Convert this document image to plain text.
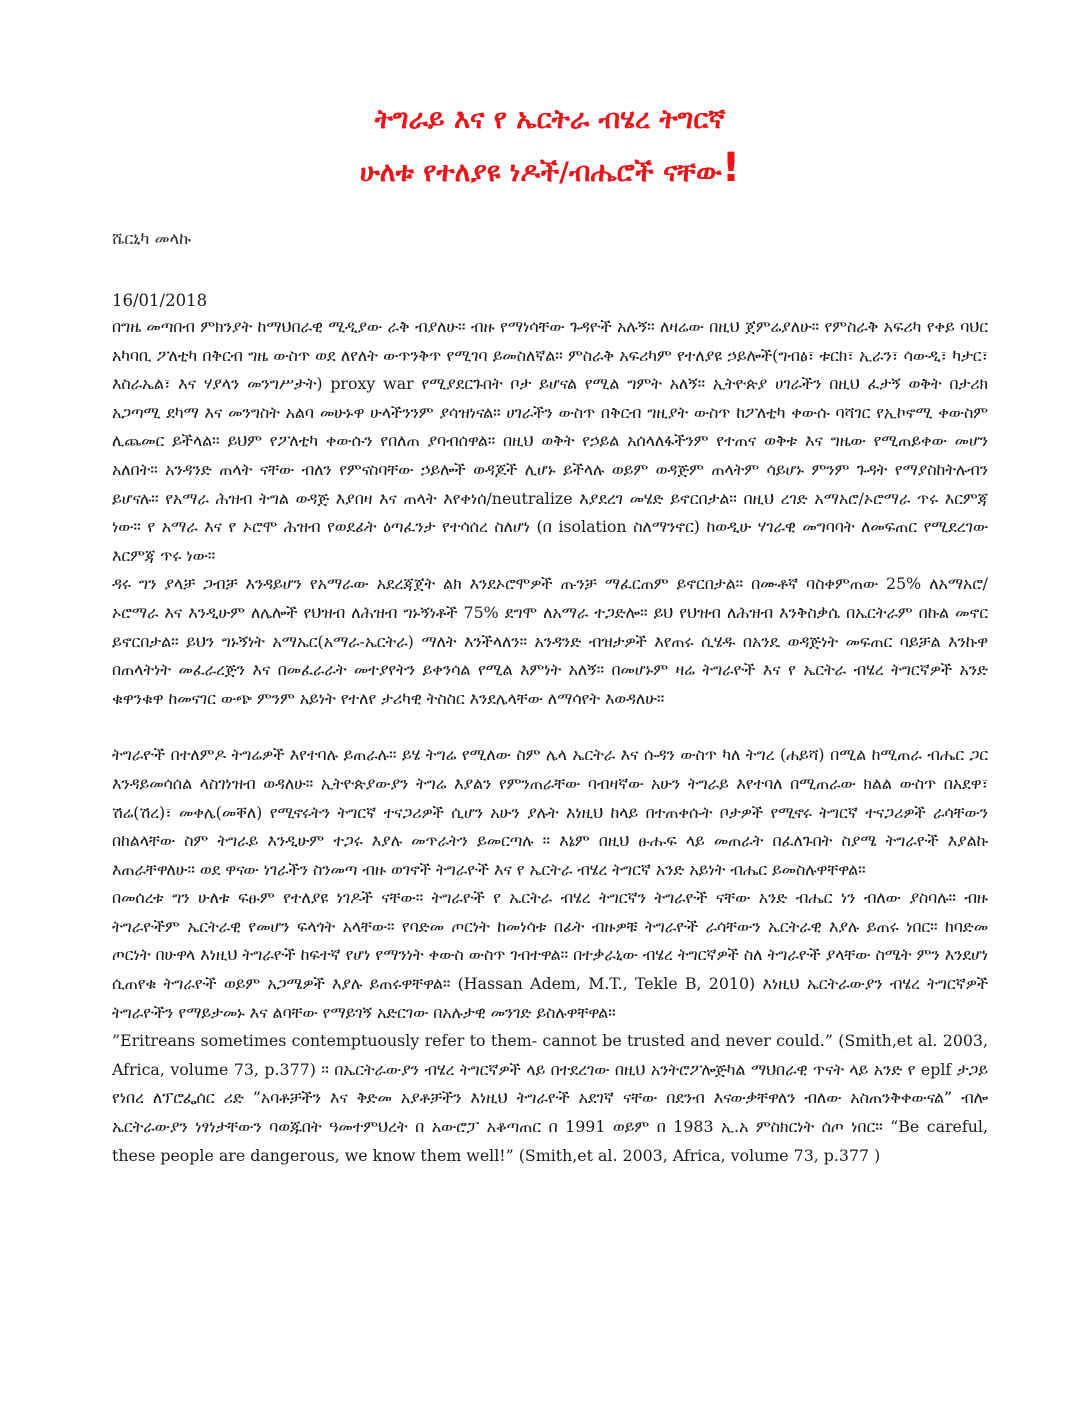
ትግራይ እና የ ኤርትራ ብሄረ ትግርኛ
ሁለቱ የተለያዩ ነዶች/ብሔሮች ናቸው!
ሼርኒካ መላኩ
16/01/2018

በግዜ መጣበብ ምክንያት ከማህበራዊ ሚዲያው ራቅ ብያለሁ። ብዙ የማነሳቸው ጉዳዮች አሉኝ። ለዛሬው በዚህ ጀምሬያለሁ። የምስራቅ አፍሪካ የቀይ ባህር አካባቢ ፖለቲካ በቅርብ ግዜ ውስጥ ወደ ለየለት ውጥንቅጥ የሚገባ ይመስለኛል። ምስራቅ አፍሪካም የተለያዩ ኃይሎች(ግብፅ፣ ቱርክ፣ ኢራን፣ ሳውዲ፣ ካታር፣ እስራኤል፣ እና ሃያላን መንግሥታት) proxy war የሚያደርጉበት ቦታ ይሆናል የሚል ግምት አለኝ። ኢትዮጵያ ሀገራችን በዚህ ፈታኝ ወቅት በታሪክ አጋጣሚ ደካማ እና መንግስት አልባ መሁኑዋ ሁላችንንም ያሳዝነናል። ሀገራችን ውስጥ በቅርብ ግዚያት ውስጥ ከፖለቲካ ቀውሱ ባሻገር የኢኮኖሚ ቀውስም ሊጨመር ይችላል። ይህም የፖለቲካ ቀውሱን የበለጠ ያባብሰዋል። በዚህ ወቅት የኃይል አሰላለፋችንም የተጠና ወቅቱ እና ግዜው የሚጠይቀው መሆን አለበት። አንዳንድ ጠላት ናቸው ብለን የምናስባቸው ኃይሎች ወዳጆች ሊሆኑ ይችላሉ ወይም ወዳጅም ጠላትም ሳይሆኑ ምንም ጉዳት የማያስከትሉብን ይሆናሉ። የአማራ ሕዝብ ትግል ወዳጅ እያበዛ እና ጠላት እየቀነሰ/neutralize እያደረገ መሄድ ይኖርበታል። በዚህ ረገድ አማአሮ/ኦሮማራ ጥሩ እርምጃ ነው። የ አማራ እና የ ኦሮሞ ሕዝብ የወደፊት ዕጣፈንታ የተሳሰረ ስለሆነ (በ isolation ስለማንኖር) ከወዲሁ ሃገራዊ መግባባት ለመፍጠር የሚደረገው እርምጃ ጥሩ ነው።

ዳሩ ግን ያላቻ ጋብቻ እንዳይሆን የአማራው አደረጃጀት ልክ እንደኦሮሞዎች ጡንቻ ማፈርጠም ይኖርበታል። በሙቶኛ ባስቀምጠው 25% ለአማአሮ/ኦሮማራ እና እንዲሁም ለሌሎች የህዝብ ለሕዝብ ግኑኝነቶች 75% ደግሞ ለአማራ ተጋድሎ። ይህ የህዝብ ለሕዝብ እንቅስቃሴ በኤርትራም በኩል መኖር ይኖርበታል። ይህን ግኑኝነት አማኤር(አማራ-ኤርትራ) ማለት እንችላለን። አንዳንድ ብዝታዎች እየጠሩ ሲሄዱ በአንዴ ወዳጅነት መፍጠር ባይቻል እንኩዋ በጠላትነት መፈራረጅን እና በመፈራራት መተያየትን ይቀንሳል የሚል እምነት አለኝ። በመሆኑም ዛሬ ትግራዮች እና የ ኤርትራ ብሄረ ትግርኛዎች አንድ ቁዋንቁዋ ከመናገር ውጭ ምንም አይነት የተለየ ታሪካዊ ትስስር እንደሌላቸው ለማሳየት እወዳለሁ።

ትግራዮች በተለምዶ ትግሬዎች እየተባሉ ይጠራሉ። ይሄ ትግሬ የሚለው ስም ሌላ ኤርትራ እና ሱዳን ውስጥ ካለ ትግረ (ሐይሻ) በሚል ከሚጠራ ብሔር ጋር እንዳይመሳሰል ላስገነዝብ ወዳለሁ። ኢትዮጵያውያን ትግሬ እያልን የምንጠራቸው ባብዛኛው አሁን ትግራይ እየተባለ በሚጠራው ክልል ውስጥ በአደዋ፣ ሽሬ(ሽረ)፣ መቀሌ(መቐለ) የሚኖሩትን ትግርኛ ተናጋሪዎች ሲሆን አሁን ያሉት እነዚህ ከላይ በተጠቀሱት ቦታዎች የሚኖሩ ትግርኛ ተናጋሪዎች ራሳቸውን በከልላቸው ስም ትግራይ እንዲሁም ተጋሩ እያሉ መጥራትን ይመርጣሉ ። እኔም በዚህ ፁሑፍ ላይ መጠራት በፈለጉበት ስያሜ ትግራዮች እያልኩ እጠራቸዋለሁ። ወደ ዋናው ነገራችን ስንመጣ ብዙ ወገኖች ትግራዮች እና የ ኤርትራ ብሄረ ትግርኛ አንድ አይነት ብሔር ይመስሉዋቸዋል።

በመሰረቱ ግን ሁለቱ ፍፁም የተለያዩ ነገዶች ናቸው። ትግራዮች የ ኤርትራ ብሄረ ትግርኛን ትግራዮች ናቸው አንድ ብሔር ነን ብለው ያስባሉ። ብዙ ትግራዮችም ኤርትራዊ የመሆን ፍላጎት አላቸው። የባድመ ጦርነት ከመነሳቱ በፊት ብዙዎቹ ትግራዮች ራሳቸውን ኤርትራዊ እያሉ ይጠሩ ነበር። ከባድመ ጦርነት በሁዋላ እነዚህ ትግራዮች ከፍተኛ የሆነ የማንነት ቀውስ ውስጥ ገብተዋል። በተቃራኒው ብሄረ ትግርኛዎች ስለ ትግራዮች ያላቸው ስሜት ምን እንደሆነ ሲጠየቁ ትግራዮች ወይም አጋሜዎች እያሉ ይጠሩዋቸዋል። (Hassan Adem, M.T., Tekle B, 2010) እነዚህ ኤርትራውያን ብሄረ ትግርኛዎች ትግራዮችን የማይታመኑ እና ልባቸው የማይገኝ አድርገው በአሉታዊ መንገድ ይስሉዋቸዋል።

”Eritreans sometimes contemptuously refer to them- cannot be trusted and never could.” (Smith,et al. 2003, Africa, volume 73, p.377) ። በኤርትራውያን ብሄረ ትግርኛዎች ላይ በተደረገው በዚህ አንትሮፖሎጅካል ማህበራዊ ጥናት ላይ አንድ የ eplf ታጋይ የነበረ ለፕሮፌሰር ሪድ ”አባቶቻችን እና ቅድመ አያቶቻችን እነዚህ ትግራዮች አደገኛ ናቸው በደንብ እናውቃቸዋለን ብለው አስጠንቅቀውናል” ብሎ ኤርትራውያን ነፃነታቸውን ባወጁበት ዓመተምህረት በ አውሮፓ አቆጣጠር በ 1991 ወይም በ 1983 ኢ.አ ምስክርነት ሰጦ ነበር። “Be careful, these people are dangerous, we know them well!” (Smith,et al. 2003, Africa, volume 73, p.377 )
